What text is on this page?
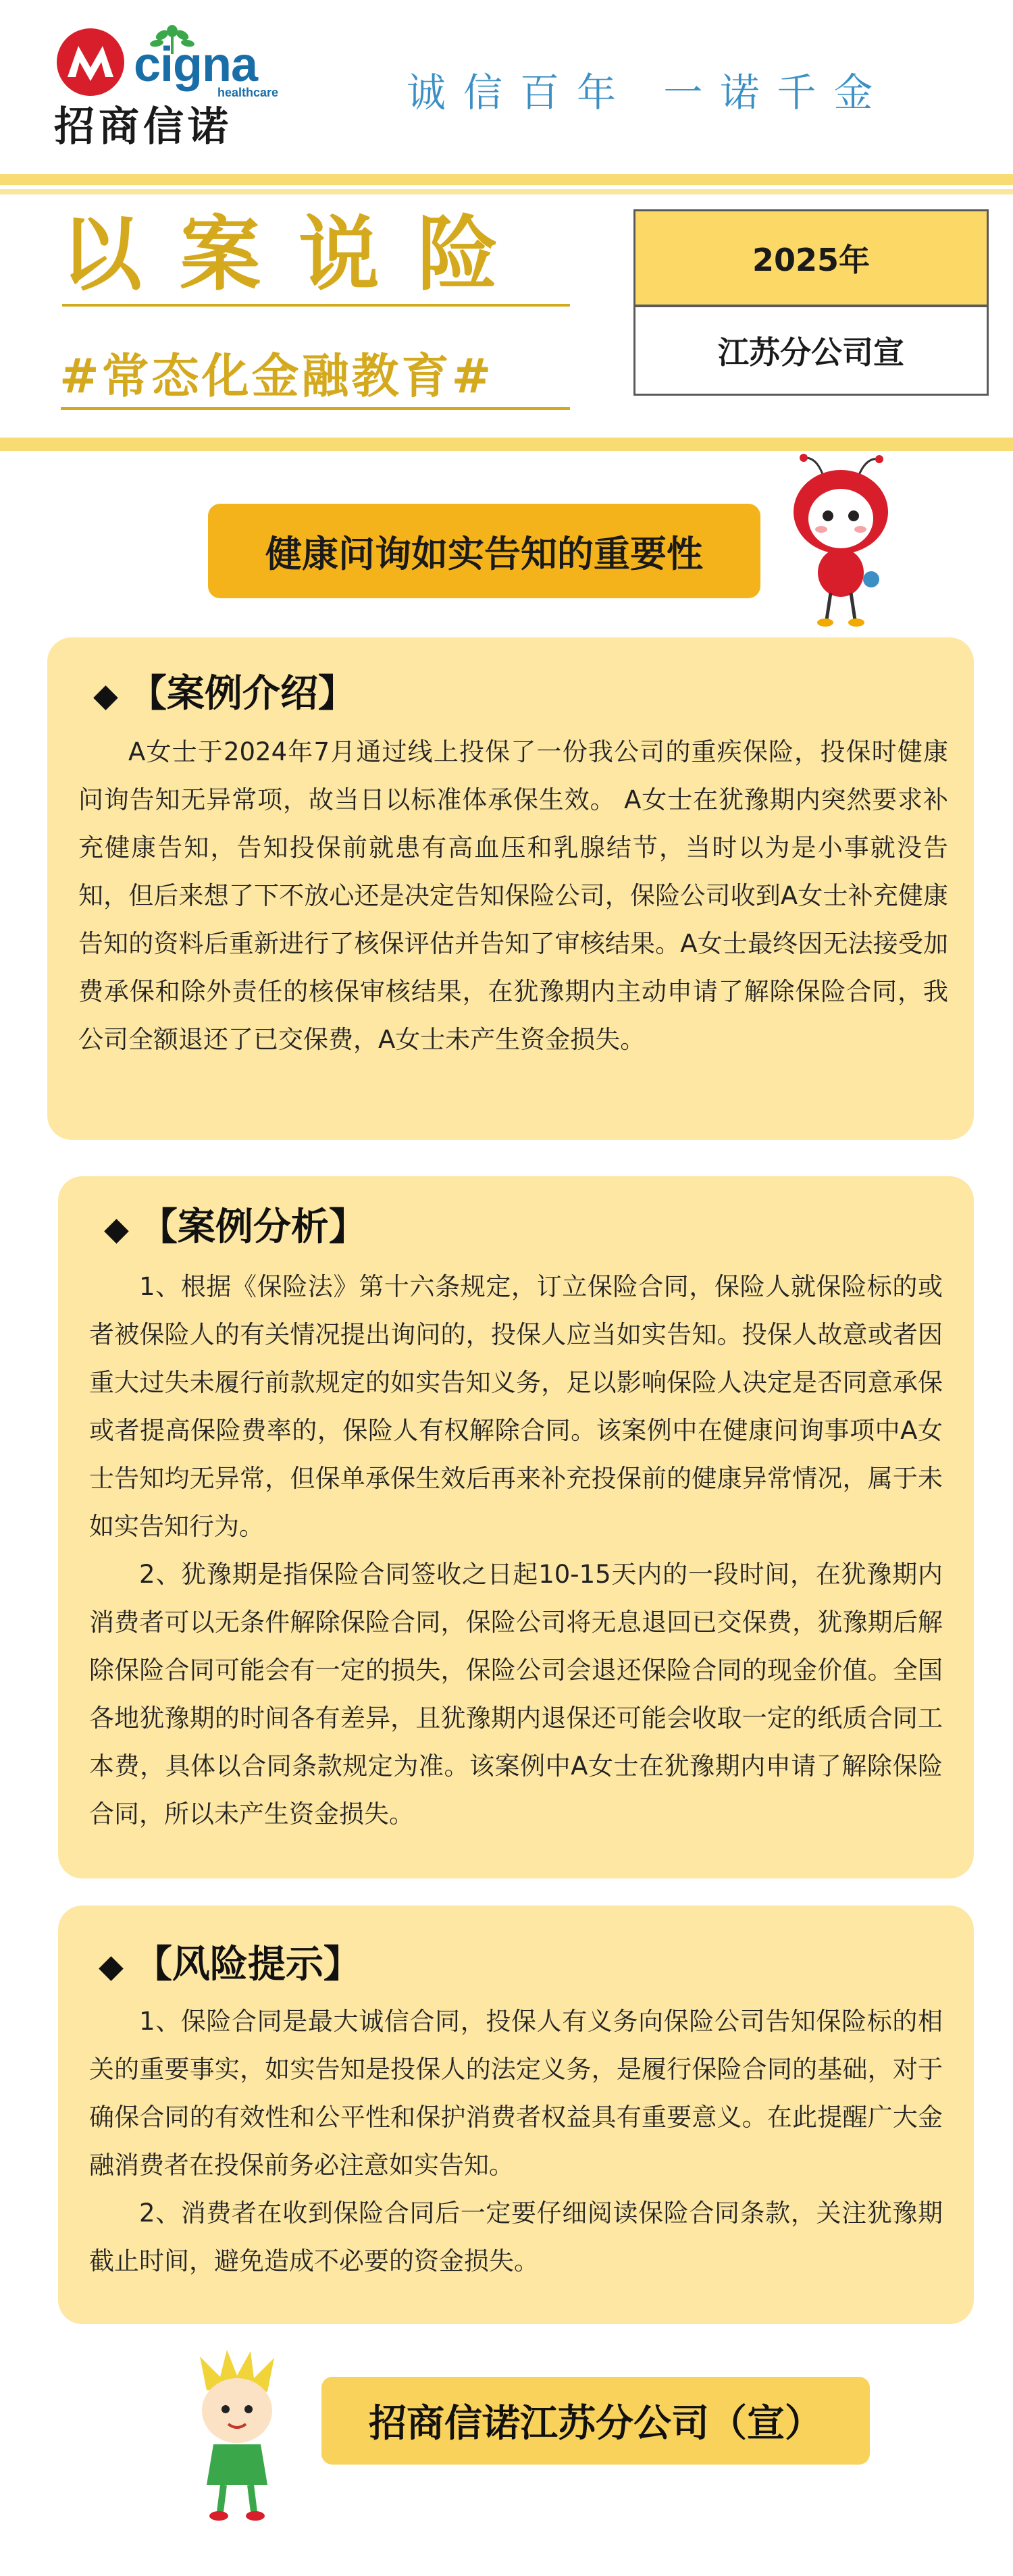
cigna
healthcare
招商信诺
诚信百年 一诺千金
以案说险
#常态化金融教育#
2025年
江苏分公司宣
健康问询如实告知的重要性
◆ 【案例介绍】

A女士于2024年7月通过线上投保了一份我公司的重疾保险，投保时健康问询告知无异常项，故当日以标准体承保生效。 A女士在犹豫期内突然要求补充健康告知，告知投保前就患有高血压和乳腺结节，当时以为是小事就没告知，但后来想了下不放心还是决定告知保险公司，保险公司收到A女士补充健康告知的资料后重新进行了核保评估并告知了审核结果。A女士最终因无法接受加费承保和除外责任的核保审核结果，在犹豫期内主动申请了解除保险合同，我公司全额退还了已交保费，A女士未产生资金损失。

◆ 【案例分析】

1、根据《保险法》第十六条规定，订立保险合同，保险人就保险标的或者被保险人的有关情况提出询问的，投保人应当如实告知。投保人故意或者因重大过失未履行前款规定的如实告知义务，足以影响保险人决定是否同意承保或者提高保险费率的，保险人有权解除合同。该案例中在健康问询事项中A女士告知均无异常，但保单承保生效后再来补充投保前的健康异常情况，属于未如实告知行为。

2、犹豫期是指保险合同签收之日起10-15天内的一段时间，在犹豫期内消费者可以无条件解除保险合同，保险公司将无息退回已交保费，犹豫期后解除保险合同可能会有一定的损失，保险公司会退还保险合同的现金价值。全国各地犹豫期的时间各有差异，且犹豫期内退保还可能会收取一定的纸质合同工本费，具体以合同条款规定为准。该案例中A女士在犹豫期内申请了解除保险合同，所以未产生资金损失。

◆ 【风险提示】

1、保险合同是最大诚信合同，投保人有义务向保险公司告知保险标的相关的重要事实，如实告知是投保人的法定义务，是履行保险合同的基础，对于确保合同的有效性和公平性和保护消费者权益具有重要意义。在此提醒广大金融消费者在投保前务必注意如实告知。

2、消费者在收到保险合同后一定要仔细阅读保险合同条款，关注犹豫期截止时间，避免造成不必要的资金损失。

招商信诺江苏分公司（宣）
